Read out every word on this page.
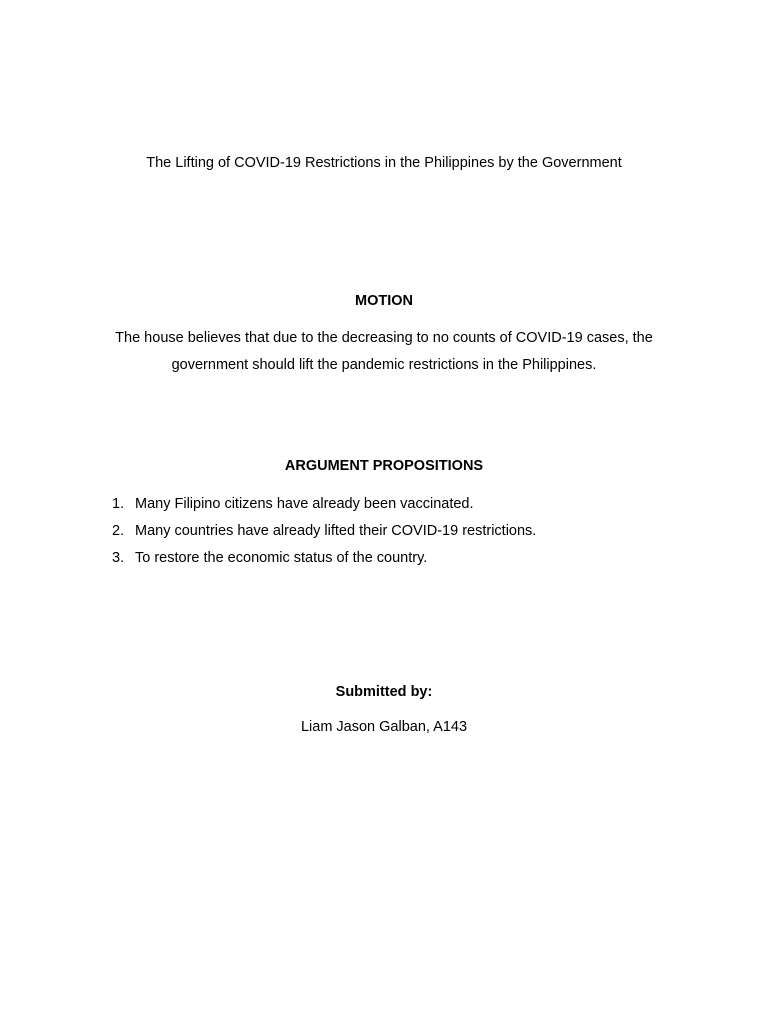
The Lifting of COVID-19 Restrictions in the Philippines by the Government
MOTION
The house believes that due to the decreasing to no counts of COVID-19 cases, the government should lift the pandemic restrictions in the Philippines.
ARGUMENT PROPOSITIONS
1. Many Filipino citizens have already been vaccinated.
2. Many countries have already lifted their COVID-19 restrictions.
3. To restore the economic status of the country.
Submitted by:
Liam Jason Galban, A143
